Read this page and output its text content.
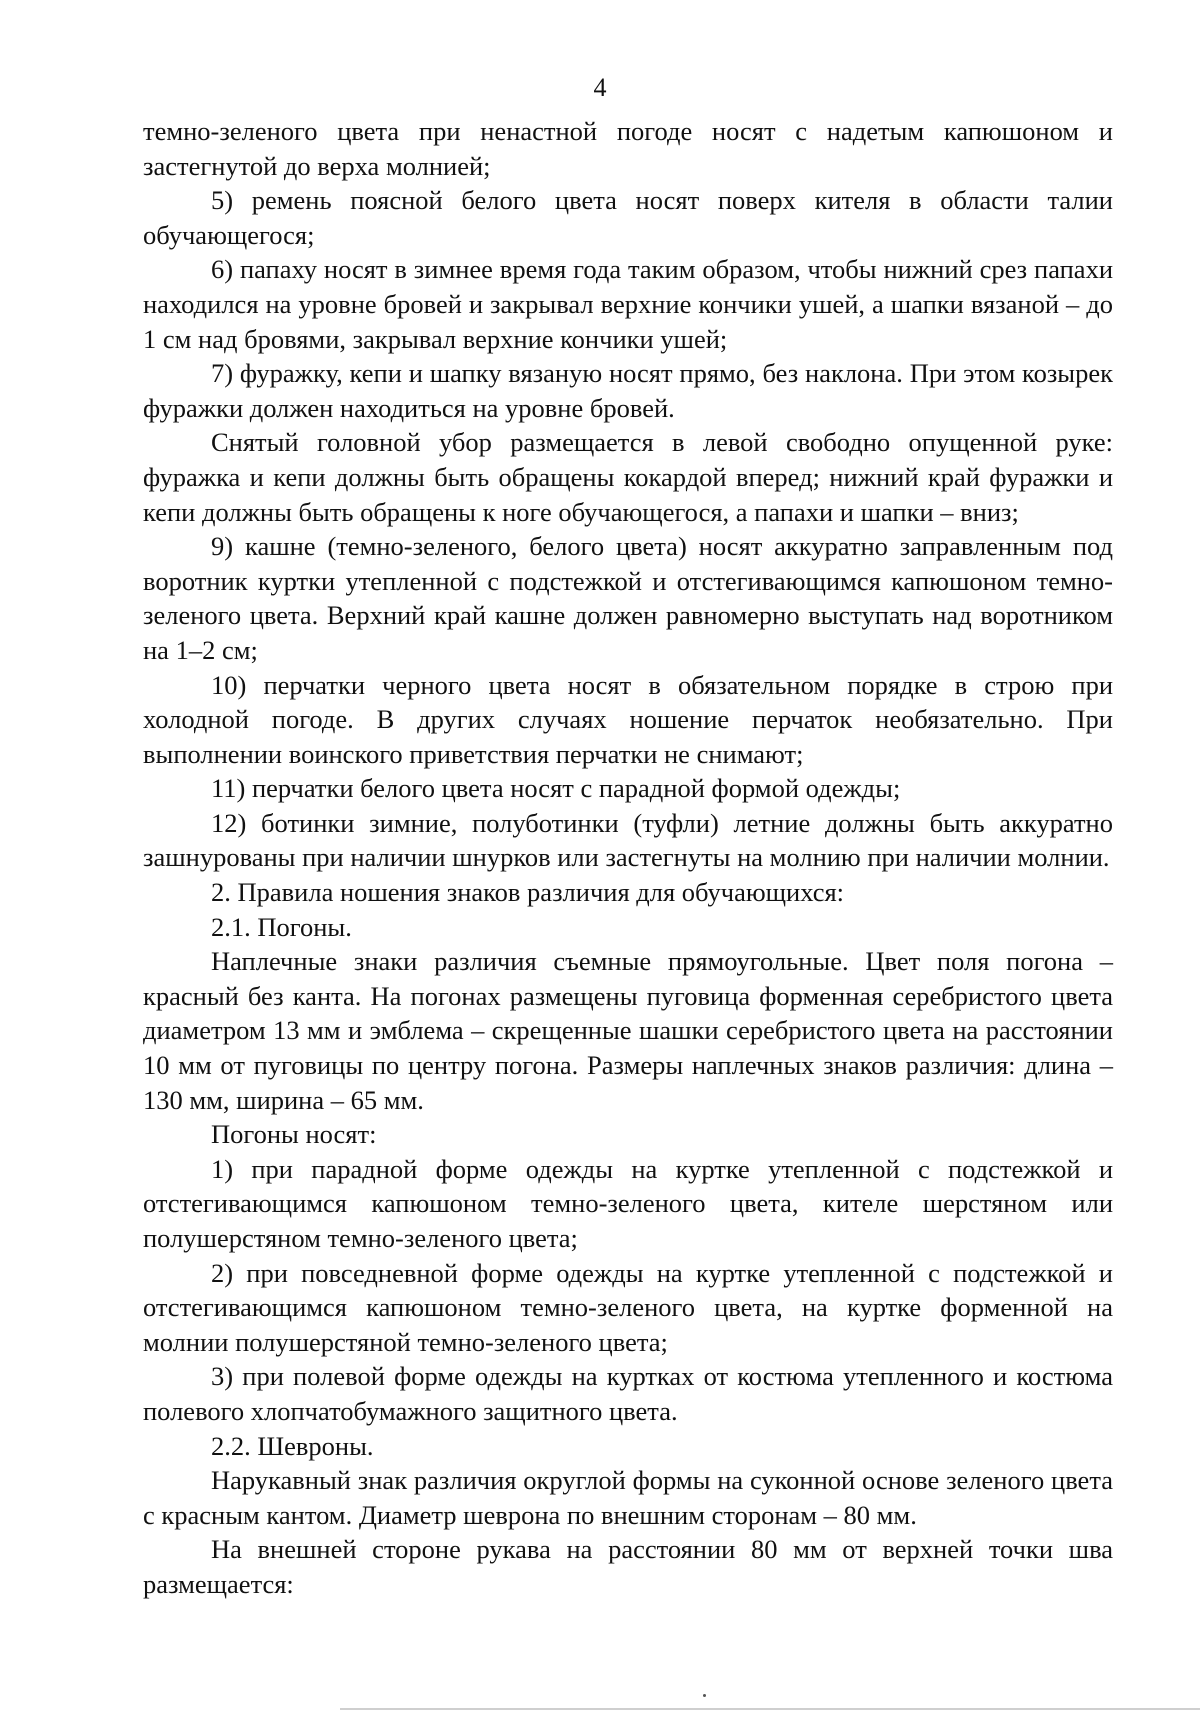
4

темно-зеленого цвета при ненастной погоде носят с надетым капюшоном и застегнутой до верха молнией;

5) ремень поясной белого цвета носят поверх кителя в области талии обучающегося;

6) папаху носят в зимнее время года таким образом, чтобы нижний срез папахи находился на уровне бровей и закрывал верхние кончики ушей, а шапки вязаной – до 1 см над бровями, закрывал верхние кончики ушей;

7) фуражку, кепи и шапку вязаную носят прямо, без наклона. При этом козырек фуражки должен находиться на уровне бровей.

Снятый головной убор размещается в левой свободно опущенной руке: фуражка и кепи должны быть обращены кокардой вперед; нижний край фуражки и кепи должны быть обращены к ноге обучающегося, а папахи и шапки – вниз;

9) кашне (темно-зеленого, белого цвета) носят аккуратно заправленным под воротник куртки утепленной с подстежкой и отстегивающимся капюшоном темно-зеленого цвета. Верхний край кашне должен равномерно выступать над воротником на 1–2 см;

10) перчатки черного цвета носят в обязательном порядке в строю при холодной погоде. В других случаях ношение перчаток необязательно. При выполнении воинского приветствия перчатки не снимают;

11) перчатки белого цвета носят с парадной формой одежды;

12) ботинки зимние, полуботинки (туфли) летние должны быть аккуратно зашнурованы при наличии шнурков или застегнуты на молнию при наличии молнии.

2. Правила ношения знаков различия для обучающихся:

2.1. Погоны.

Наплечные знаки различия съемные прямоугольные. Цвет поля погона – красный без канта. На погонах размещены пуговица форменная серебристого цвета диаметром 13 мм и эмблема – скрещенные шашки серебристого цвета на расстоянии 10 мм от пуговицы по центру погона. Размеры наплечных знаков различия: длина – 130 мм, ширина – 65 мм.

Погоны носят:

1) при парадной форме одежды на куртке утепленной с подстежкой и отстегивающимся капюшоном темно-зеленого цвета, кителе шерстяном или полушерстяном темно-зеленого цвета;

2) при повседневной форме одежды на куртке утепленной с подстежкой и отстегивающимся капюшоном темно-зеленого цвета, на куртке форменной на молнии полушерстяной темно-зеленого цвета;

3) при полевой форме одежды на куртках от костюма утепленного и костюма полевого хлопчатобумажного защитного цвета.

2.2. Шевроны.

Нарукавный знак различия округлой формы на суконной основе зеленого цвета с красным кантом. Диаметр шеврона по внешним сторонам – 80 мм.

На внешней стороне рукава на расстоянии 80 мм от верхней точки шва размещается:
